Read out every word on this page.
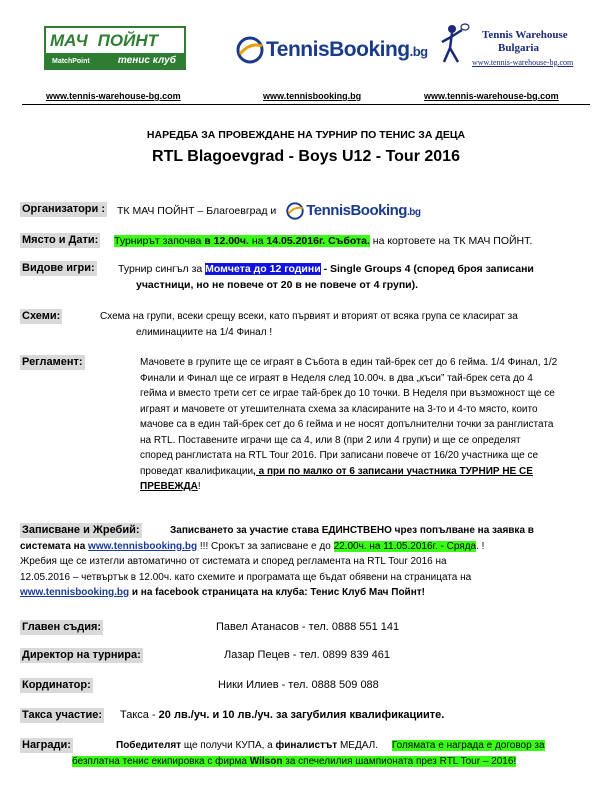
МАЧ ПОЙНТ
MatchPoint	тенис клуб	TennisBooking.bg
Tennis Warehouse
Bulgaria
www.tennis-warehouse-bg.com
www.tennis-warehouse-bg.com	www.tennisbooking.bg	www.tennis-warehouse-bg.com
НАРЕДБА ЗА ПРОВЕЖДАНЕ НА ТУРНИР ПО ТЕНИС ЗА ДЕЦА
RTL Blagoevgrad - Boys U12 - Tour 2016
Организатори : ТК МАЧ ПОЙНТ – Благоевград и TennisBooking.bg
Място и Дати: Турнирът започва в 12.00ч. на 14.05.2016г. Събота. на кортовете на ТК МАЧ ПОЙНТ.
Видове игри: Турнир сингъл за Момчета до 12 години - Single Groups 4 (според броя записани
участници, но не повече от 20 в не повече от 4 групи).
Схеми:	Схема на групи, всеки срещу всеки, като първият и вторият от всяка група се класират за
елиминациите на 1/4 Финал !
Регламент:	Мачовете в групите ще се играят в Събота в един тай-брек сет до 6 гейма. 1/4 Финал, 1/2
Финали и Финал ще се играят в Неделя след 10.00ч. в два „къси” тай-брек сета до 4
гейма и вместо трети сет се игрaе тай-брек до 10 точки. В Неделя при възможност ще се
играят и мачовете от утешителната схема за класираните на 3-то и 4-то място, които
мачове са в един тай-брек сет до 6 гейма и не носят допълнителни точки за ранглистата
на RTL. Поставените играчи ще са 4, или 8 (при 2 или 4 групи) и ще се определят
според ранглистата на RTL Tour 2016. При записани повече от 16/20 участника ще се
проведат квалификации, а при по малко от 6 записани участника ТУРНИР НЕ СЕ
ПРЕВЕЖДА!
Записване и Жребий:	Записването за участие става ЕДИНСТВЕНО чрез попълване на заявка в
системата на www.tennisbooking.bg !!! Срокът за записване е до 22.00ч. на 11.05.2016г. - Сряда. !
Жребия ще се изтегли автоматично от системата и според регламента на RTL Tour 2016 на
12.05.2016 – четвъртък в 12.00ч. като схемите и програмата ще бъдат обявени на страницата на
www.tennisbooking.bg и на facebook страницата на клуба: Тенис Клуб Мач Пойнт!
Главен съдия:	Павел Атанасов - тел. 0888 551 141
Директор на турнира:	Лазар Пецев - тел. 0899 839 461
Кординатор:	Ники Илиев - тел. 0888 509 088
Такса участие: Такса - 20 лв./уч. и 10 лв./уч. за загубилия квалификациите.
Награди:	Победителят ще получи КУПА, а финалистът МЕДАЛ. Голямата е награда е договор за
безплатна тенис екипировка с фирма Wilson за спечелилия шампионата през RTL Tour – 2016!
